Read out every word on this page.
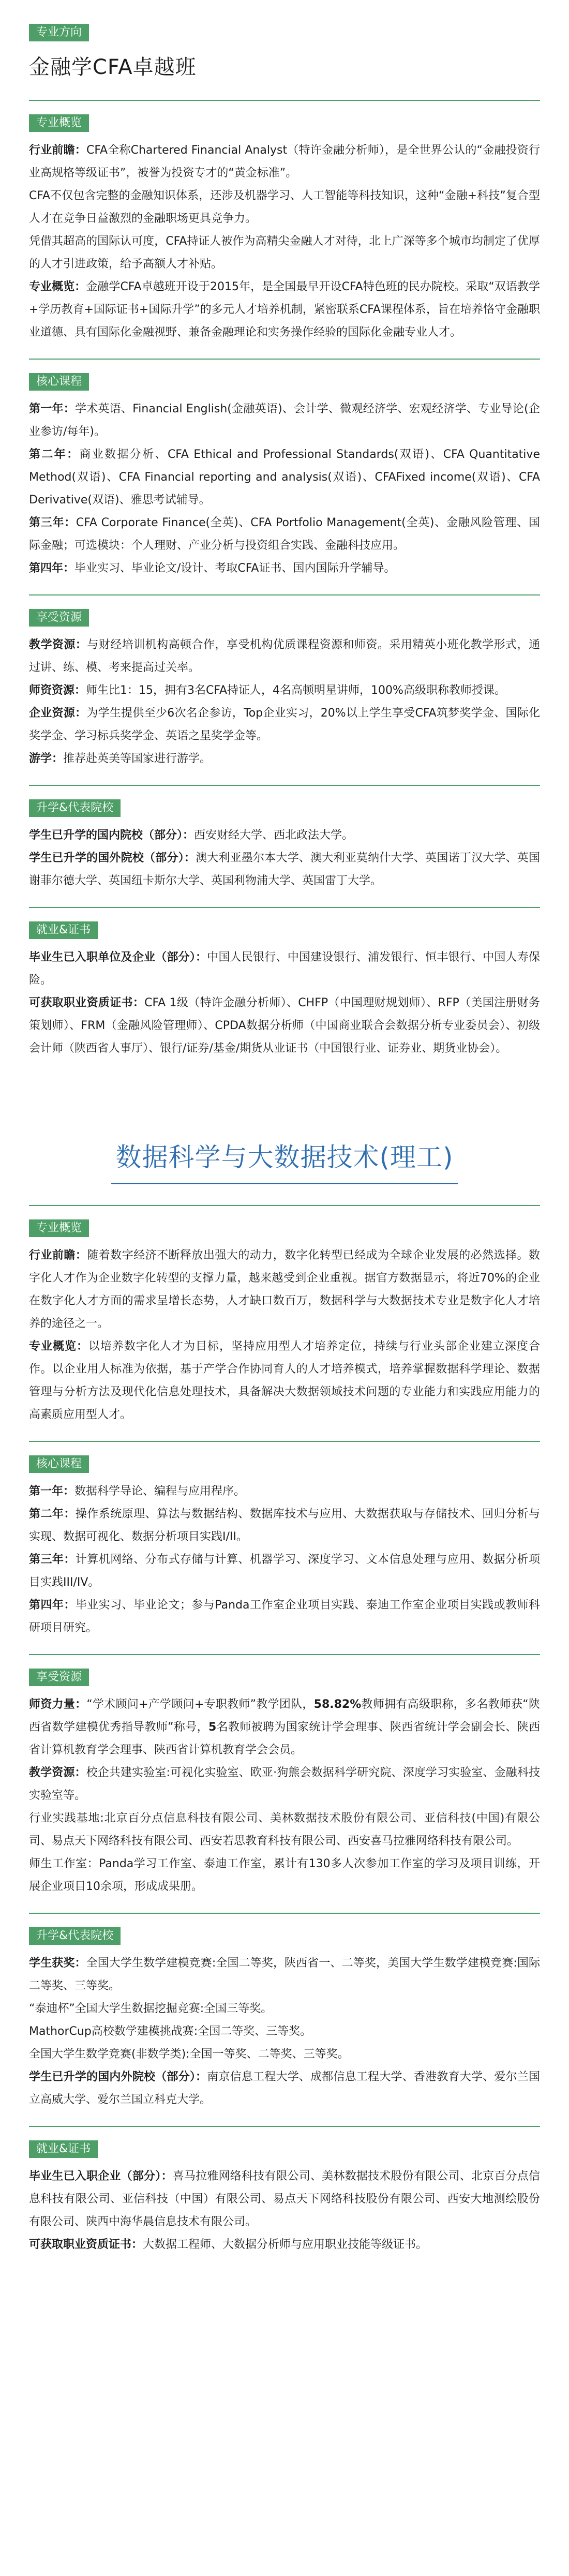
专业方向
金融学CFA卓越班
专业概览

行业前瞻：CFA全称Chartered Financial Analyst（特许金融分析师），是全世界公认的“金融投资行业高规格等级证书”，被誉为投资专才的“黄金标准”。

CFA不仅包含完整的金融知识体系，还涉及机器学习、人工智能等科技知识，这种“金融+科技”复合型人才在竞争日益激烈的金融职场更具竞争力。

凭借其超高的国际认可度，CFA持证人被作为高精尖金融人才对待，北上广深等多个城市均制定了优厚的人才引进政策，给予高额人才补贴。

专业概览：金融学CFA卓越班开设于2015年，是全国最早开设CFA特色班的民办院校。采取“双语教学+学历教育+国际证书+国际升学”的多元人才培养机制，紧密联系CFA课程体系，旨在培养恪守金融职业道德、具有国际化金融视野、兼备金融理论和实务操作经验的国际化金融专业人才。

核心课程

第一年：学术英语、Financial English(金融英语)、会计学、微观经济学、宏观经济学、专业导论(企业参访/每年)。

第二年：商业数据分析、CFA Ethical and Professional Standards(双语)、CFA Quantitative Method(双语)、CFA Financial reporting and analysis(双语)、CFAFixed income(双语)、CFA Derivative(双语)、雅思考试辅导。

第三年：CFA Corporate Finance(全英)、CFA Portfolio Management(全英)、金融风险管理、国际金融；可选模块：个人理财、产业分析与投资组合实践、金融科技应用。

第四年：毕业实习、毕业论文/设计、考取CFA证书、国内国际升学辅导。

享受资源

教学资源：与财经培训机构高顿合作，享受机构优质课程资源和师资。采用精英小班化教学形式，通过讲、练、模、考来提高过关率。

师资资源：师生比1：15，拥有3名CFA持证人，4名高顿明星讲师，100%高级职称教师授课。

企业资源：为学生提供至少6次名企参访，Top企业实习，20%以上学生享受CFA筑梦奖学金、国际化奖学金、学习标兵奖学金、英语之星奖学金等。

游学：推荐赴英美等国家进行游学。

升学&代表院校

学生已升学的国内院校（部分）：西安财经大学、西北政法大学。

学生已升学的国外院校（部分）：澳大利亚墨尔本大学、澳大利亚莫纳什大学、英国诺丁汉大学、英国谢菲尔德大学、英国纽卡斯尔大学、英国利物浦大学、英国雷丁大学。

就业&证书

毕业生已入职单位及企业（部分）：中国人民银行、中国建设银行、浦发银行、恒丰银行、中国人寿保险。

可获取职业资质证书：CFA 1级（特许金融分析师）、CHFP（中国理财规划师）、RFP（美国注册财务策划师）、FRM（金融风险管理师）、CPDA数据分析师（中国商业联合会数据分析专业委员会）、初级会计师（陕西省人事厅）、银行/证券/基金/期货从业证书（中国银行业、证券业、期货业协会）。

数据科学与大数据技术(理工)
专业概览

行业前瞻：随着数字经济不断释放出强大的动力，数字化转型已经成为全球企业发展的必然选择。数字化人才作为企业数字化转型的支撑力量，越来越受到企业重视。据官方数据显示，将近70%的企业在数字化人才方面的需求呈增长态势，人才缺口数百万，数据科学与大数据技术专业是数字化人才培养的途径之一。

专业概览：以培养数字化人才为目标，坚持应用型人才培养定位，持续与行业头部企业建立深度合作。以企业用人标准为依据，基于产学合作协同育人的人才培养模式，培养掌握数据科学理论、数据管理与分析方法及现代化信息处理技术，具备解决大数据领域技术问题的专业能力和实践应用能力的高素质应用型人才。

核心课程

第一年：数据科学导论、编程与应用程序。

第二年：操作系统原理、算法与数据结构、数据库技术与应用、大数据获取与存储技术、回归分析与实现、数据可视化、数据分析项目实践I/II。

第三年：计算机网络、分布式存储与计算、机器学习、深度学习、文本信息处理与应用、数据分析项目实践III/IV。

第四年：毕业实习、毕业论文；参与Panda工作室企业项目实践、泰迪工作室企业项目实践或教师科研项目研究。

享受资源

师资力量：“学术顾问+产学顾问+专职教师”教学团队，58.82%教师拥有高级职称，多名教师获“陕西省数学建模优秀指导教师”称号，5名教师被聘为国家统计学会理事、陕西省统计学会副会长、陕西省计算机教育学会理事、陕西省计算机教育学会会员。

教学资源：校企共建实验室:可视化实验室、欧亚·狗熊会数据科学研究院、深度学习实验室、金融科技实验室等。

行业实践基地:北京百分点信息科技有限公司、美林数据技术股份有限公司、亚信科技(中国)有限公司、易点天下网络科技有限公司、西安若思教育科技有限公司、西安喜马拉雅网络科技有限公司。

师生工作室：Panda学习工作室、泰迪工作室，累计有130多人次参加工作室的学习及项目训练，开展企业项目10余项，形成成果册。

升学&代表院校

学生获奖：全国大学生数学建模竞赛:全国二等奖，陕西省一、二等奖，美国大学生数学建模竞赛:国际二等奖、三等奖。

“泰迪杯”全国大学生数据挖掘竞赛:全国三等奖。

MathorCup高校数学建模挑战赛:全国二等奖、三等奖。

全国大学生数学竞赛(非数学类):全国一等奖、二等奖、三等奖。

学生已升学的国内外院校（部分）：南京信息工程大学、成都信息工程大学、香港教育大学、爱尔兰国立高威大学、爱尔兰国立科克大学。

就业&证书

毕业生已入职企业（部分）：喜马拉雅网络科技有限公司、美林数据技术股份有限公司、北京百分点信息科技有限公司、亚信科技（中国）有限公司、易点天下网络科技股份有限公司、西安大地测绘股份有限公司、陕西中海华晨信息技术有限公司。

可获取职业资质证书：大数据工程师、大数据分析师与应用职业技能等级证书。
